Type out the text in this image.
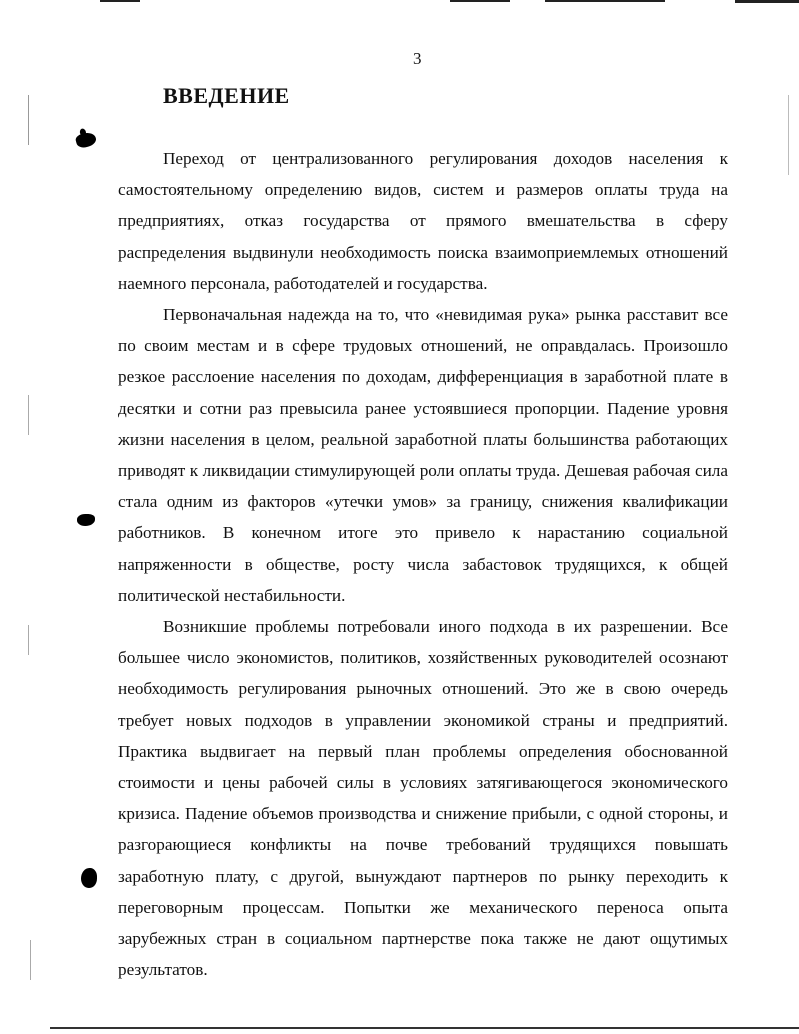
3
ВВЕДЕНИЕ

Переход от централизованного регулирования доходов населения к самостоятельному определению видов, систем и размеров оплаты труда на предприятиях, отказ государства от прямого вмешательства в сферу распределения выдвинули необходимость поиска взаимоприемлемых отношений наемного персонала, работодателей и государства.

Первоначальная надежда на то, что «невидимая рука» рынка расставит все по своим местам и в сфере трудовых отношений, не оправдалась. Произошло резкое расслоение населения по доходам, дифференциация в заработной плате в десятки и сотни раз превысила ранее устоявшиеся пропорции. Падение уровня жизни населения в целом, реальной заработной платы большинства работающих приводят к ликвидации стимулирующей роли оплаты труда. Дешевая рабочая сила стала одним из факторов «утечки умов» за границу, снижения квалификации работников. В конечном итоге это привело к нарастанию социальной напряженности в обществе, росту числа забастовок трудящихся, к общей политической нестабильности.

Возникшие проблемы потребовали иного подхода в их разрешении. Все большее число экономистов, политиков, хозяйственных руководителей осознают необходимость регулирования рыночных отношений. Это же в свою очередь требует новых подходов в управлении экономикой страны и предприятий. Практика выдвигает на первый план проблемы определения обоснованной стоимости и цены рабочей силы в условиях затягивающегося экономического кризиса. Падение объемов производства и снижение прибыли, с одной стороны, и разгорающиеся конфликты на почве требований трудящихся повышать заработную плату, с другой, вынуждают партнеров по рынку переходить к переговорным процессам. Попытки же механического переноса опыта зарубежных стран в социальном партнерстве пока также не дают ощутимых результатов.
